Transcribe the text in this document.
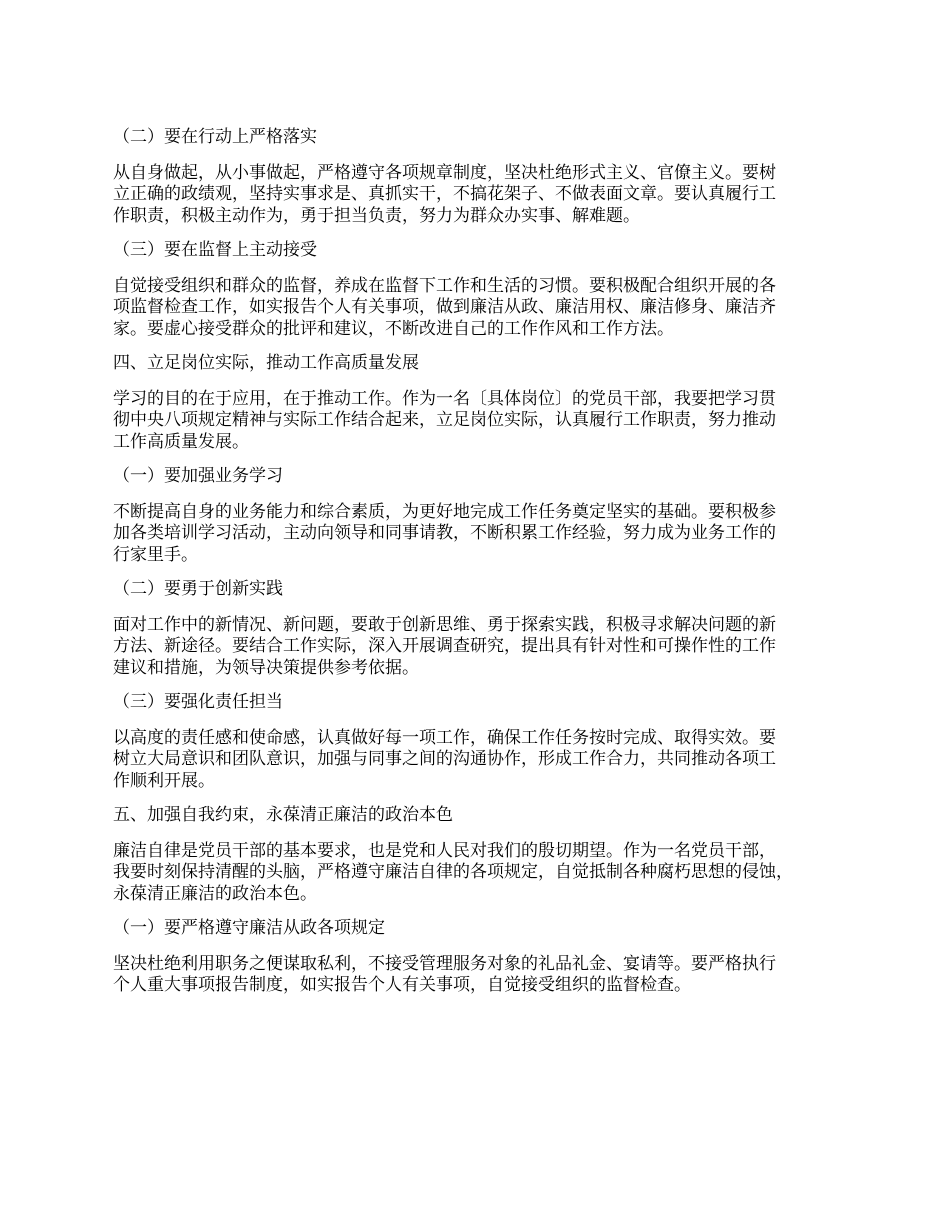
（二）要在行动上严格落实

从自身做起，从小事做起，严格遵守各项规章制度，坚决杜绝形式主义、官僚主义。要树
立正确的政绩观，坚持实事求是、真抓实干，不搞花架子、不做表面文章。要认真履行工
作职责，积极主动作为，勇于担当负责，努力为群众办实事、解难题。

（三）要在监督上主动接受

自觉接受组织和群众的监督，养成在监督下工作和生活的习惯。要积极配合组织开展的各
项监督检查工作，如实报告个人有关事项，做到廉洁从政、廉洁用权、廉洁修身、廉洁齐
家。要虚心接受群众的批评和建议，不断改进自己的工作作风和工作方法。

四、立足岗位实际，推动工作高质量发展

学习的目的在于应用，在于推动工作。作为一名〔具体岗位〕的党员干部，我要把学习贯
彻中央八项规定精神与实际工作结合起来，立足岗位实际，认真履行工作职责，努力推动
工作高质量发展。

（一）要加强业务学习

不断提高自身的业务能力和综合素质，为更好地完成工作任务奠定坚实的基础。要积极参
加各类培训学习活动，主动向领导和同事请教，不断积累工作经验，努力成为业务工作的
行家里手。

（二）要勇于创新实践

面对工作中的新情况、新问题，要敢于创新思维、勇于探索实践，积极寻求解决问题的新
方法、新途径。要结合工作实际，深入开展调查研究，提出具有针对性和可操作性的工作
建议和措施，为领导决策提供参考依据。

（三）要强化责任担当

以高度的责任感和使命感，认真做好每一项工作，确保工作任务按时完成、取得实效。要
树立大局意识和团队意识，加强与同事之间的沟通协作，形成工作合力，共同推动各项工
作顺利开展。

五、加强自我约束，永葆清正廉洁的政治本色

廉洁自律是党员干部的基本要求，也是党和人民对我们的殷切期望。作为一名党员干部，
我要时刻保持清醒的头脑，严格遵守廉洁自律的各项规定，自觉抵制各种腐朽思想的侵蚀，
永葆清正廉洁的政治本色。

（一）要严格遵守廉洁从政各项规定

坚决杜绝利用职务之便谋取私利，不接受管理服务对象的礼品礼金、宴请等。要严格执行
个人重大事项报告制度，如实报告个人有关事项，自觉接受组织的监督检查。
